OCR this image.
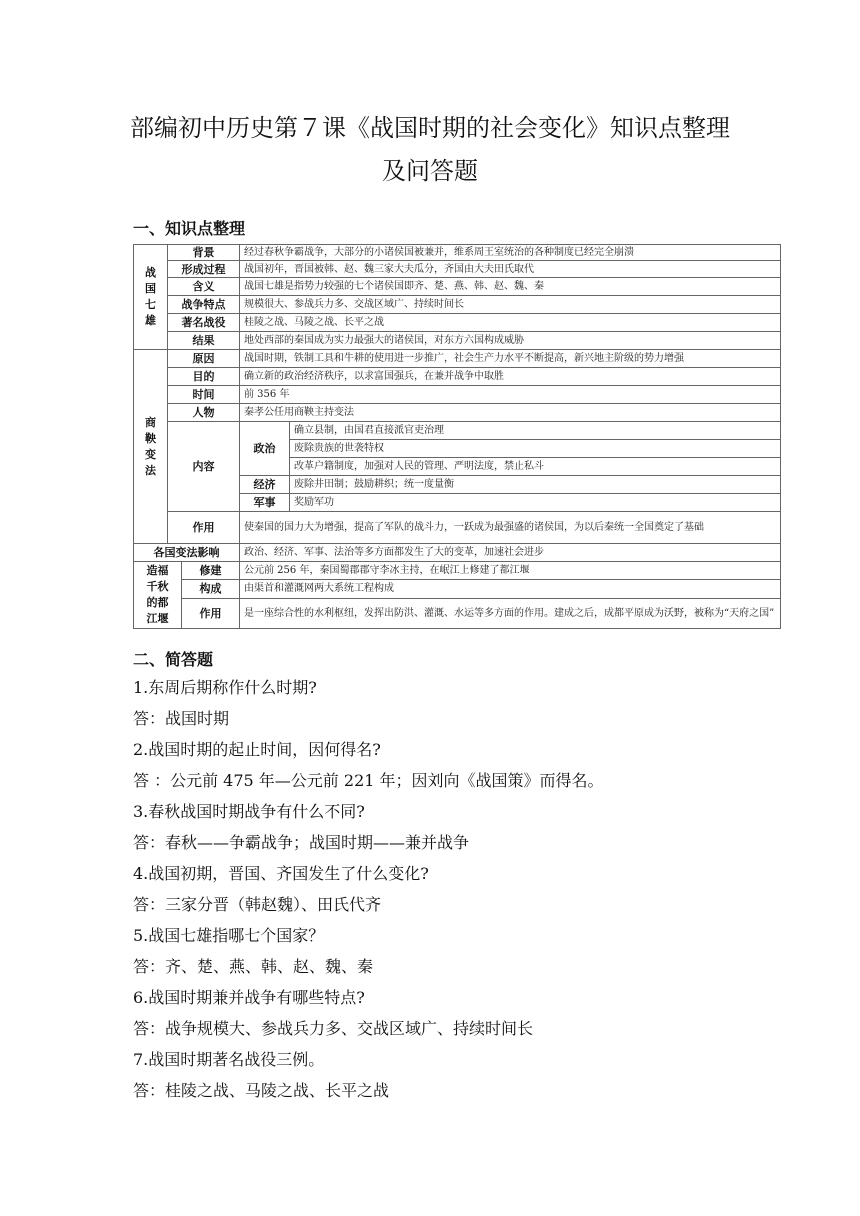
部编初中历史第７课《战国时期的社会变化》知识点整理
及问答题
一、知识点整理
战国七雄	背景		经过春秋争霸战争，大部分的小诸侯国被兼并，维系周王室统治的各种制度已经完全崩溃	
	形成过程		战国初年，晋国被韩、赵、魏三家大夫瓜分，齐国由大夫田氏取代	
	含义		战国七雄是指势力较强的七个诸侯国即齐、楚、燕、韩、赵、魏、秦	
	战争特点		规模很大、参战兵力多、交战区域广、持续时间长	
	著名战役		桂陵之战、马陵之战、长平之战	
	结果		地处西部的秦国成为实力最强大的诸侯国，对东方六国构成威胁	

商鞅变法	原因		战国时期，铁制工具和牛耕的使用进一步推广，社会生产力水平不断提高，新兴地主阶级的势力增强	
	目的		确立新的政治经济秩序，以求富国强兵，在兼并战争中取胜	
	时间		前 356 年	
	人物		秦孝公任用商鞅主持变法	
	内容		政治	确立县制，由国君直接派官吏治理
				废除贵族的世袭特权
				改革户籍制度，加强对人民的管理、严明法度，禁止私斗
			经济	废除井田制；鼓励耕织；统一度量衡
			军事	奖励军功
	作用		使秦国的国力大为增强，提高了军队的战斗力，一跃成为最强盛的诸侯国，为以后秦统一全国奠定了基础	
各国变法影响			政治、经济、军事、法治等多方面都发生了大的变革，加速社会进步	

造福千秋的都江堰		修建	公元前 256 年，秦国蜀郡郡守李冰主持，在岷江上修建了都江堰	
		构成	由渠首和灌溉网两大系统工程构成	
		作用	是一座综合性的水利枢纽，发挥出防洪、灌溉、水运等多方面的作用。建成之后，成都平原成为沃野，被称为“天府之国”	
二、简答题
1.东周后期称作什么时期?
答：战国时期
2.战国时期的起止时间，因何得名?
答 ：公元前 475 年—公元前 221 年；因刘向《战国策》而得名。
3.春秋战国时期战争有什么不同?
答：春秋——争霸战争；战国时期——兼并战争
4.战国初期，晋国、齐国发生了什么变化?
答：三家分晋（韩赵魏）、田氏代齐
5.战国七雄指哪七个国家？
答：齐、楚、燕、韩、赵、魏、秦
6.战国时期兼并战争有哪些特点?
答：战争规模大、参战兵力多、交战区域广、持续时间长
7.战国时期著名战役三例。
答：桂陵之战、马陵之战、长平之战
